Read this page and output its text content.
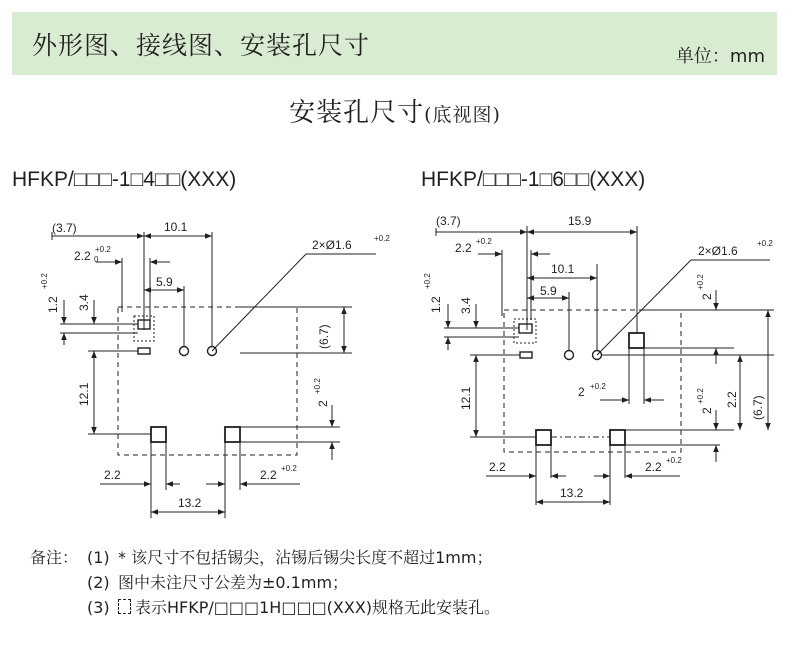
外形图、接线图、安装孔尺寸	单位：mm
安装孔尺寸(底视图)
HFKP/□□□-1□4□□(XXX)	HFKP/□□□-1□6□□(XXX)
(3.7)	10.1
2.2 +0.2
0
5.9
1.2
+0.2
3.4
12.1
(6.7)
2
+0.2
2.2	2.2 +0.2
13.2
2×Ø1.6	+0.2
(3.7)	15.9
2.2 +0.2
10.1
5.9
1.2
+0.2
3.4
12.1
2
+0.2
2.2 (6.7)
2
+0.2
2 +0.2
2.2	2.2 +0.2
13.2
2×Ø1.6
+0.2
备注： (1) * 该尺寸不包括锡尖，沾锡后锡尖长度不超过1mm；
(2) 图中未注尺寸公差为±0.1mm；
(3)	表示HFKP/□□□1H□□□(XXX)规格无此安装孔。
